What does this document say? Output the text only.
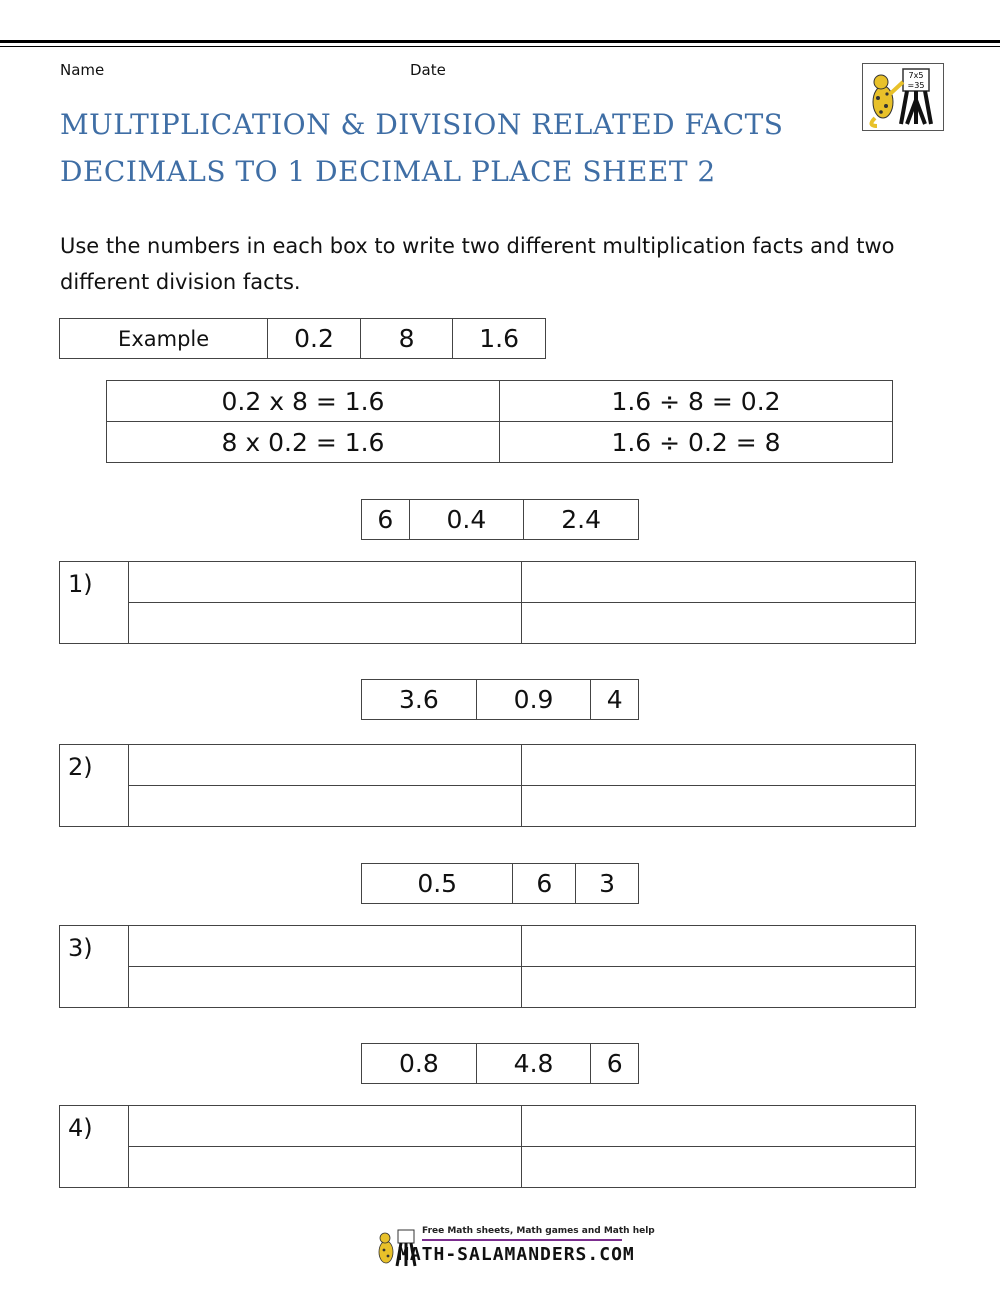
Name	Date	7x5
=35
MULTIPLICATION & DIVISION RELATED FACTS
DECIMALS TO 1 DECIMAL PLACE SHEET 2
Use the numbers in each box to write two different multiplication facts and two different division facts.
Example	0.2	8	1.6
0.2 x 8 = 1.6	1.6 ÷ 8 = 0.2
8 x 0.2 = 1.6	1.6 ÷ 0.2 = 8
6	0.4	2.4
1)		

3.6	0.9	4
2)		

0.5	6	3
3)		

0.8	4.8	6
4)		

Free Math sheets, Math games and Math help
MATH-SALAMANDERS.COM
